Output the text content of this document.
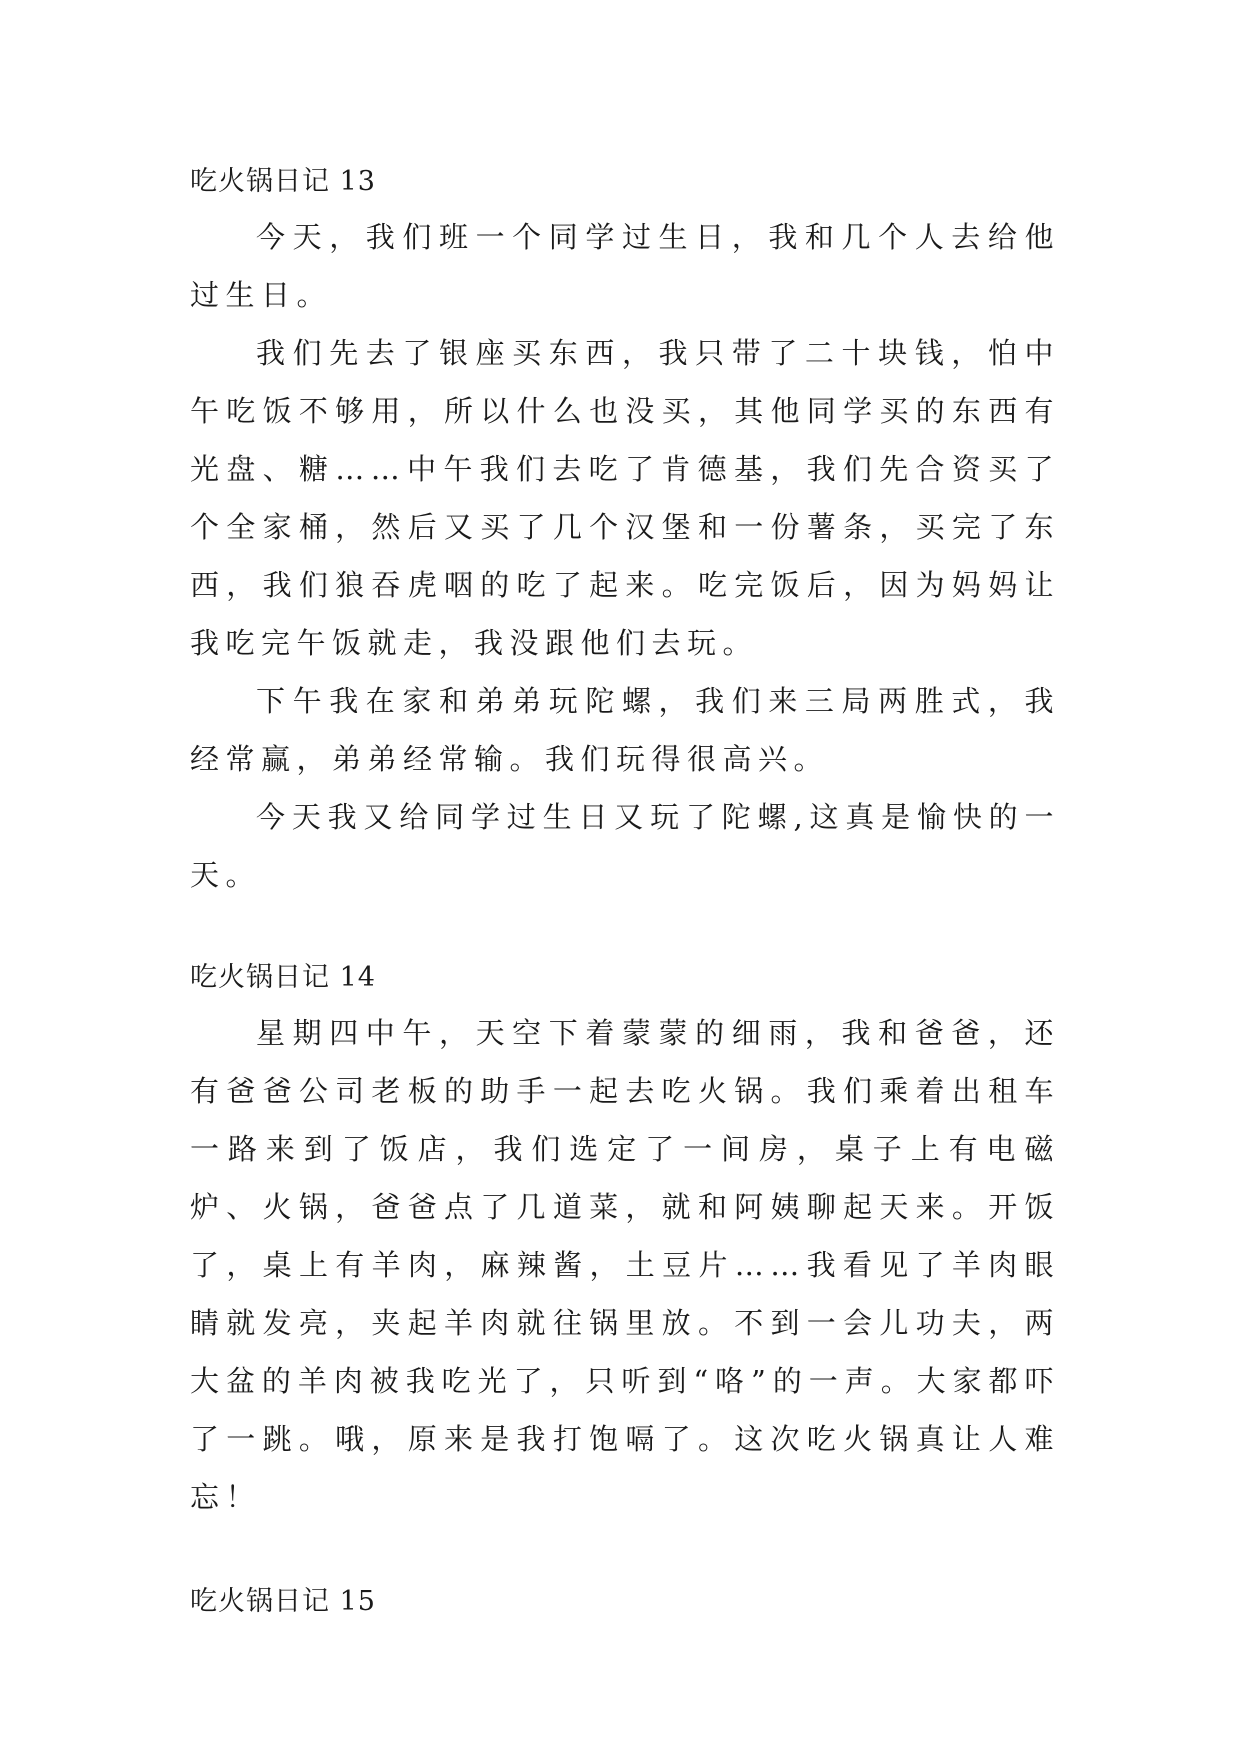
吃火锅日记 13

今天，我们班一个同学过生日，我和几个人去给他过生日。

我们先去了银座买东西，我只带了二十块钱，怕中午吃饭不够用，所以什么也没买，其他同学买的东西有光盘、糖……中午我们去吃了肯德基，我们先合资买了个全家桶，然后又买了几个汉堡和一份薯条，买完了东西，我们狼吞虎咽的吃了起来。吃完饭后，因为妈妈让我吃完午饭就走，我没跟他们去玩。

下午我在家和弟弟玩陀螺，我们来三局两胜式，我经常赢，弟弟经常输。我们玩得很高兴。

今天我又给同学过生日又玩了陀螺,这真是愉快的一天。

吃火锅日记 14

星期四中午，天空下着蒙蒙的细雨，我和爸爸，还有爸爸公司老板的助手一起去吃火锅。我们乘着出租车一路来到了饭店，我们选定了一间房，桌子上有电磁炉、火锅，爸爸点了几道菜，就和阿姨聊起天来。开饭了，桌上有羊肉，麻辣酱，土豆片……我看见了羊肉眼睛就发亮，夹起羊肉就往锅里放。不到一会儿功夫，两大盆的羊肉被我吃光了，只听到“咯”的一声。大家都吓了一跳。哦，原来是我打饱嗝了。这次吃火锅真让人难忘！

吃火锅日记 15
